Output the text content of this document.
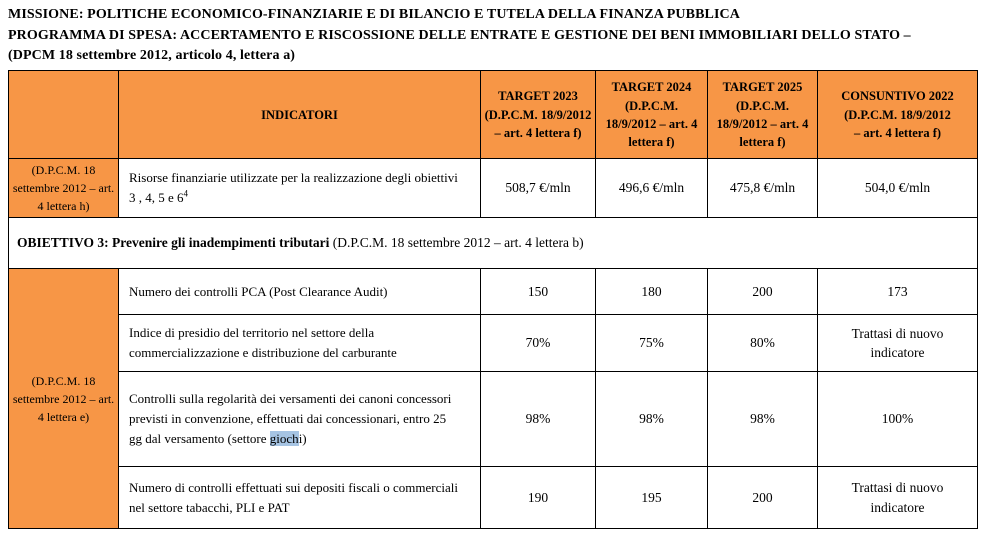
MISSIONE: POLITICHE ECONOMICO-FINANZIARIE E DI BILANCIO E TUTELA DELLA FINANZA PUBBLICA
PROGRAMMA DI SPESA: ACCERTAMENTO E RISCOSSIONE DELLE ENTRATE E GESTIONE DEI BENI IMMOBILIARI DELLO STATO – (DPCM 18 settembre 2012, articolo 4, lettera a)
	INDICATORI	TARGET 2023 (D.P.C.M. 18/9/2012 – art. 4 lettera f)	TARGET 2024 (D.P.C.M. 18/9/2012 – art. 4 lettera f)	TARGET 2025 (D.P.C.M. 18/9/2012 – art. 4 lettera f)	CONSUNTIVO 2022 (D.P.C.M. 18/9/2012 – art. 4 lettera f)
(D.P.C.M. 18 settembre 2012 – art. 4 lettera h)	Risorse finanziarie utilizzate per la realizzazione degli obiettivi 3 , 4, 5 e 6$^4$	508,7 €/mln	496,6 €/mln	475,8 €/mln	504,0 €/mln
OBIETTIVO 3: Prevenire gli inadempimenti tributari (D.P.C.M. 18 settembre 2012 – art. 4 lettera b)					
(D.P.C.M. 18 settembre 2012 – art. 4 lettera e)	Numero dei controlli PCA (Post Clearance Audit)	150	180	200	173
	Indice di presidio del territorio nel settore della commercializzazione e distribuzione del carburante	70%	75%	80%	Trattasi di nuovo indicatore
	Controlli sulla regolarità dei versamenti dei canoni concessori previsti in convenzione, effettuati dai concessionari, entro 25 gg dal versamento (settore giochi)	98%	98%	98%	100%
	Numero di controlli effettuati sui depositi fiscali o commerciali nel settore tabacchi, PLI e PAT	190	195	200	Trattasi di nuovo indicatore
